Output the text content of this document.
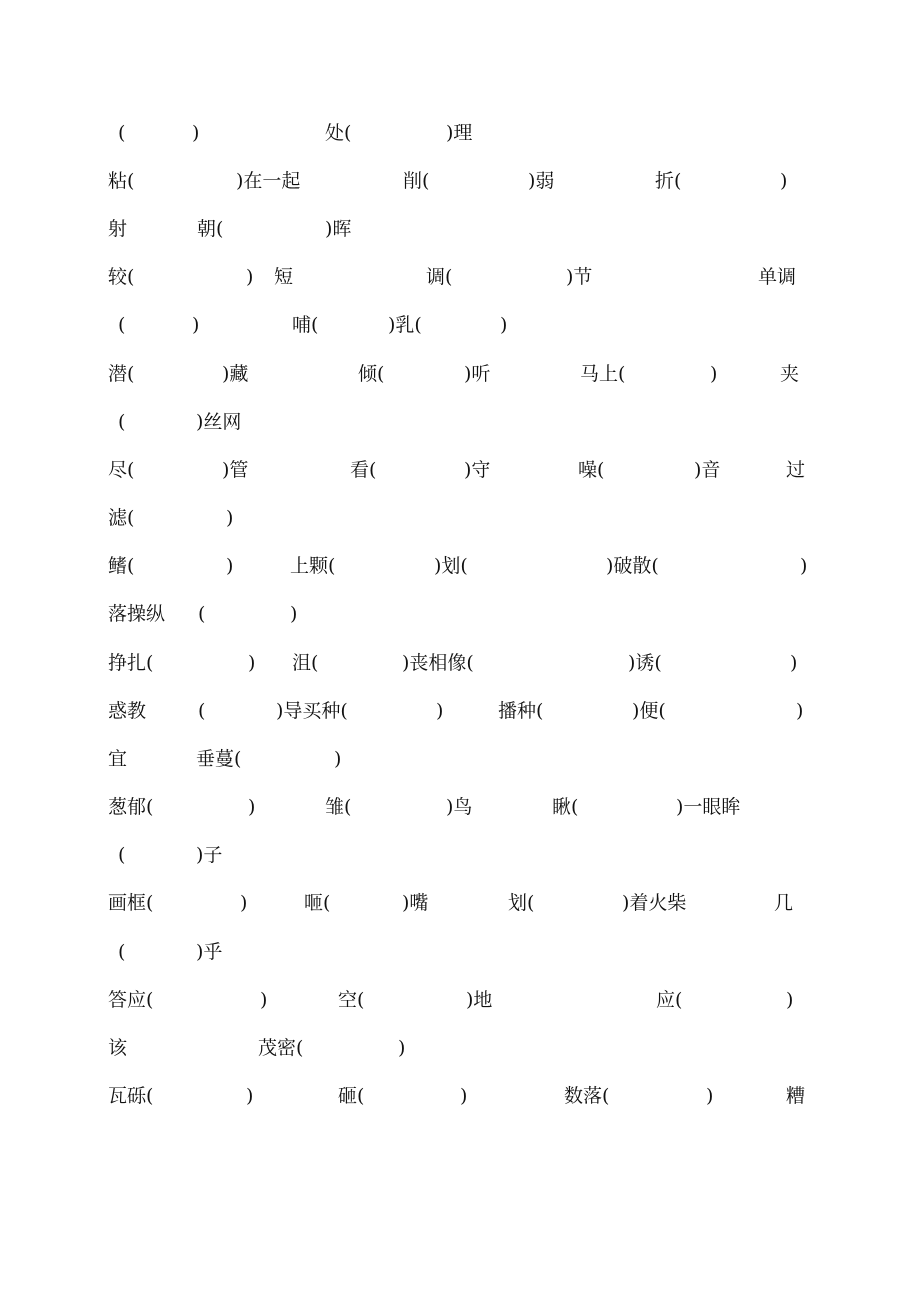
(	)	处(	)理
粘(	)在一起	削(	)弱	折(	)
射	朝(	)晖
较(	) 短	调(	)节	单调
(	)	哺(	)乳(	)
潜(	)藏	倾(	)听	马上(	)	夹
(	)丝网
尽(	)管	看(	)守	噪(	)音	过
滤(	)
鳍(	)	上颗(	)划(	)破散(	)
落操纵 (	)
挣扎(	) 沮(	)丧相像(	)诱(	)
惑教	(	)导买种(	)	播种(	)便(	)
宜	垂蔓(	)
葱郁(	)	雏(	)鸟	瞅(	)一眼眸
(	)子
画框(	)	咂(	)嘴	划(	)着火柴	几
(	)乎
答应(	)	空(	)地	应(	)
该	茂密(	)
瓦砾(	)	砸(	)	数落(	)	糟
